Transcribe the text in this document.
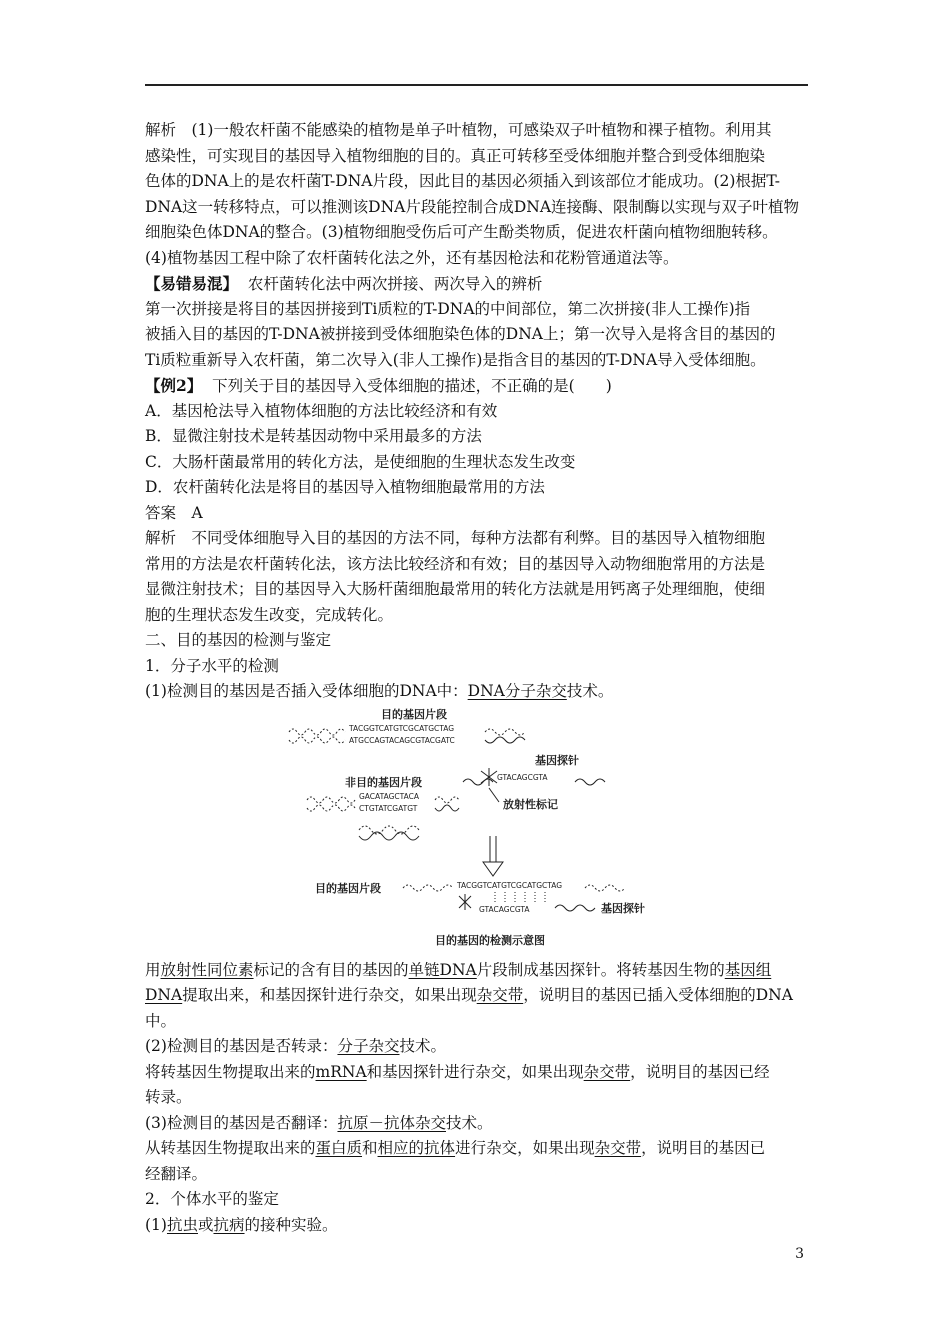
解析　(1)一般农杆菌不能感染的植物是单子叶植物，可感染双子叶植物和裸子植物。利用其
感染性，可实现目的基因导入植物细胞的目的。真正可转移至受体细胞并整合到受体细胞染
色体的DNA上的是农杆菌T-DNA片段，因此目的基因必须插入到该部位才能成功。(2)根据T-
DNA这一转移特点，可以推测该DNA片段能控制合成DNA连接酶、限制酶以实现与双子叶植物
细胞染色体DNA的整合。(3)植物细胞受伤后可产生酚类物质，促进农杆菌向植物细胞转移。
(4)植物基因工程中除了农杆菌转化法之外，还有基因枪法和花粉管通道法等。
【易错易混】 农杆菌转化法中两次拼接、两次导入的辨析
第一次拼接是将目的基因拼接到Ti质粒的T-DNA的中间部位，第二次拼接(非人工操作)指
被插入目的基因的T-DNA被拼接到受体细胞染色体的DNA上；第一次导入是将含目的基因的
Ti质粒重新导入农杆菌，第二次导入(非人工操作)是指含目的基因的T-DNA导入受体细胞。
【例2】 下列关于目的基因导入受体细胞的描述，不正确的是(　　)
A．基因枪法导入植物体细胞的方法比较经济和有效
B．显微注射技术是转基因动物中采用最多的方法
C．大肠杆菌最常用的转化方法，是使细胞的生理状态发生改变
D．农杆菌转化法是将目的基因导入植物细胞最常用的方法
答案　A
解析　不同受体细胞导入目的基因的方法不同，每种方法都有利弊。目的基因导入植物细胞
常用的方法是农杆菌转化法，该方法比较经济和有效；目的基因导入动物细胞常用的方法是
显微注射技术；目的基因导入大肠杆菌细胞最常用的转化方法就是用钙离子处理细胞，使细
胞的生理状态发生改变，完成转化。
二、目的基因的检测与鉴定
1．分子水平的检测
(1)检测目的基因是否插入受体细胞的DNA中：DNA分子杂交技术。
目的基因片段
TACGGTCATGTCGCATGCTAG
ATGCCAGTACAGCGTACGATC
基因探针
GTACAGCGTA
非目的基因片段
GACATAGCTACA
CTGTATCGATGT	放射性标记
目的基因片段	TACGGTCATGTCGCATGCTAG
GTACAGCGTA	基因探针
目的基因的检测示意图
用放射性同位素标记的含有目的基因的单链DNA片段制成基因探针。将转基因生物的基因组
DNA提取出来，和基因探针进行杂交，如果出现杂交带，说明目的基因已插入受体细胞的DNA
中。
(2)检测目的基因是否转录：分子杂交技术。
将转基因生物提取出来的mRNA和基因探针进行杂交，如果出现杂交带，说明目的基因已经
转录。
(3)检测目的基因是否翻译：抗原－抗体杂交技术。
从转基因生物提取出来的蛋白质和相应的抗体进行杂交，如果出现杂交带，说明目的基因已
经翻译。
2．个体水平的鉴定
(1)抗虫或抗病的接种实验。
3
